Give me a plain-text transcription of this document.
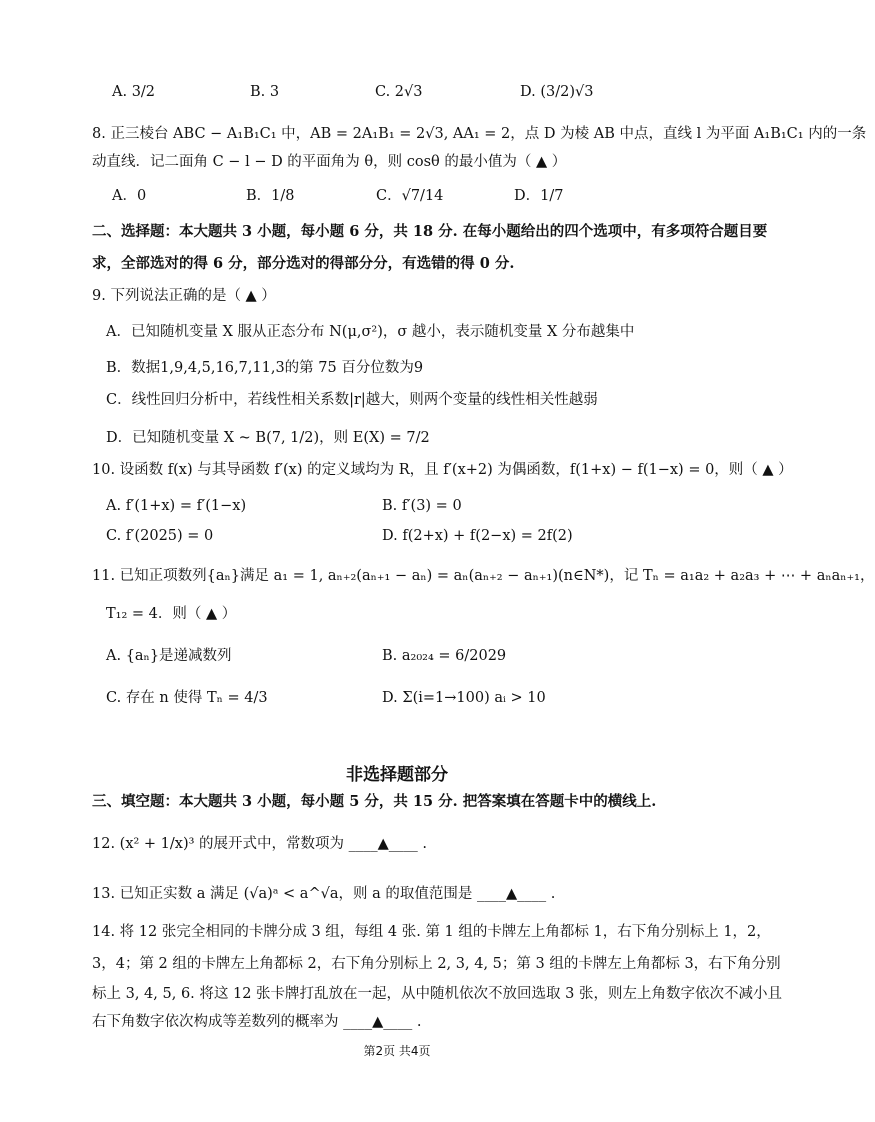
A. 3/2	B. 3	C. 2√3	D. (3/2)√3
8. 正三棱台 ABC − A₁B₁C₁ 中，AB = 2A₁B₁ = 2√3, AA₁ = 2，点 D 为棱 AB 中点，直线 l 为平面 A₁B₁C₁ 内的一条
动直线．记二面角 C − l − D 的平面角为 θ，则 cosθ 的最小值为（ ▲ ）
A．0	B．1/8	C．√7/14	D．1/7
二、选择题：本大题共 3 小题，每小题 6 分，共 18 分. 在每小题给出的四个选项中，有多项符合题目要
求，全部选对的得 6 分，部分选对的得部分分，有选错的得 0 分.
9. 下列说法正确的是（ ▲ ）
A．已知随机变量 X 服从正态分布 N(μ,σ²)，σ 越小，表示随机变量 X 分布越集中
B．数据1,9,4,5,16,7,11,3的第 75 百分位数为9
C．线性回归分析中，若线性相关系数|r|越大，则两个变量的线性相关性越弱
D．已知随机变量 X ~ B(7, 1/2)，则 E(X) = 7/2
10. 设函数 f(x) 与其导函数 f′(x) 的定义域均为 R，且 f′(x+2) 为偶函数，f(1+x) − f(1−x) = 0，则（ ▲ ）
A. f′(1+x) = f′(1−x)	B. f′(3) = 0
C. f′(2025) = 0	D. f(2+x) + f(2−x) = 2f(2)
11. 已知正项数列{aₙ}满足 a₁ = 1, aₙ₊₂(aₙ₊₁ − aₙ) = aₙ(aₙ₊₂ − aₙ₊₁)(n∈N*)，记 Tₙ = a₁a₂ + a₂a₃ + ⋯ + aₙaₙ₊₁，
T₁₂ = 4．则（ ▲ ）
A. {aₙ}是递减数列	B. a₂₀₂₄ = 6/2029
C. 存在 n 使得 Tₙ = 4/3	D. Σ(i=1→100) aᵢ > 10
非选择题部分
三、填空题：本大题共 3 小题，每小题 5 分，共 15 分. 把答案填在答题卡中的横线上.
12. (x² + 1/x)³ 的展开式中，常数项为 ____▲____ .
13. 已知正实数 a 满足 (√a)ᵃ < a^√a，则 a 的取值范围是 ____▲____ .
14. 将 12 张完全相同的卡牌分成 3 组，每组 4 张. 第 1 组的卡牌左上角都标 1，右下角分别标上 1，2，
3，4；第 2 组的卡牌左上角都标 2，右下角分别标上 2, 3, 4, 5；第 3 组的卡牌左上角都标 3，右下角分别
标上 3, 4, 5, 6. 将这 12 张卡牌打乱放在一起，从中随机依次不放回选取 3 张，则左上角数字依次不减小且
右下角数字依次构成等差数列的概率为 ____▲____ .
第2页 共4页
